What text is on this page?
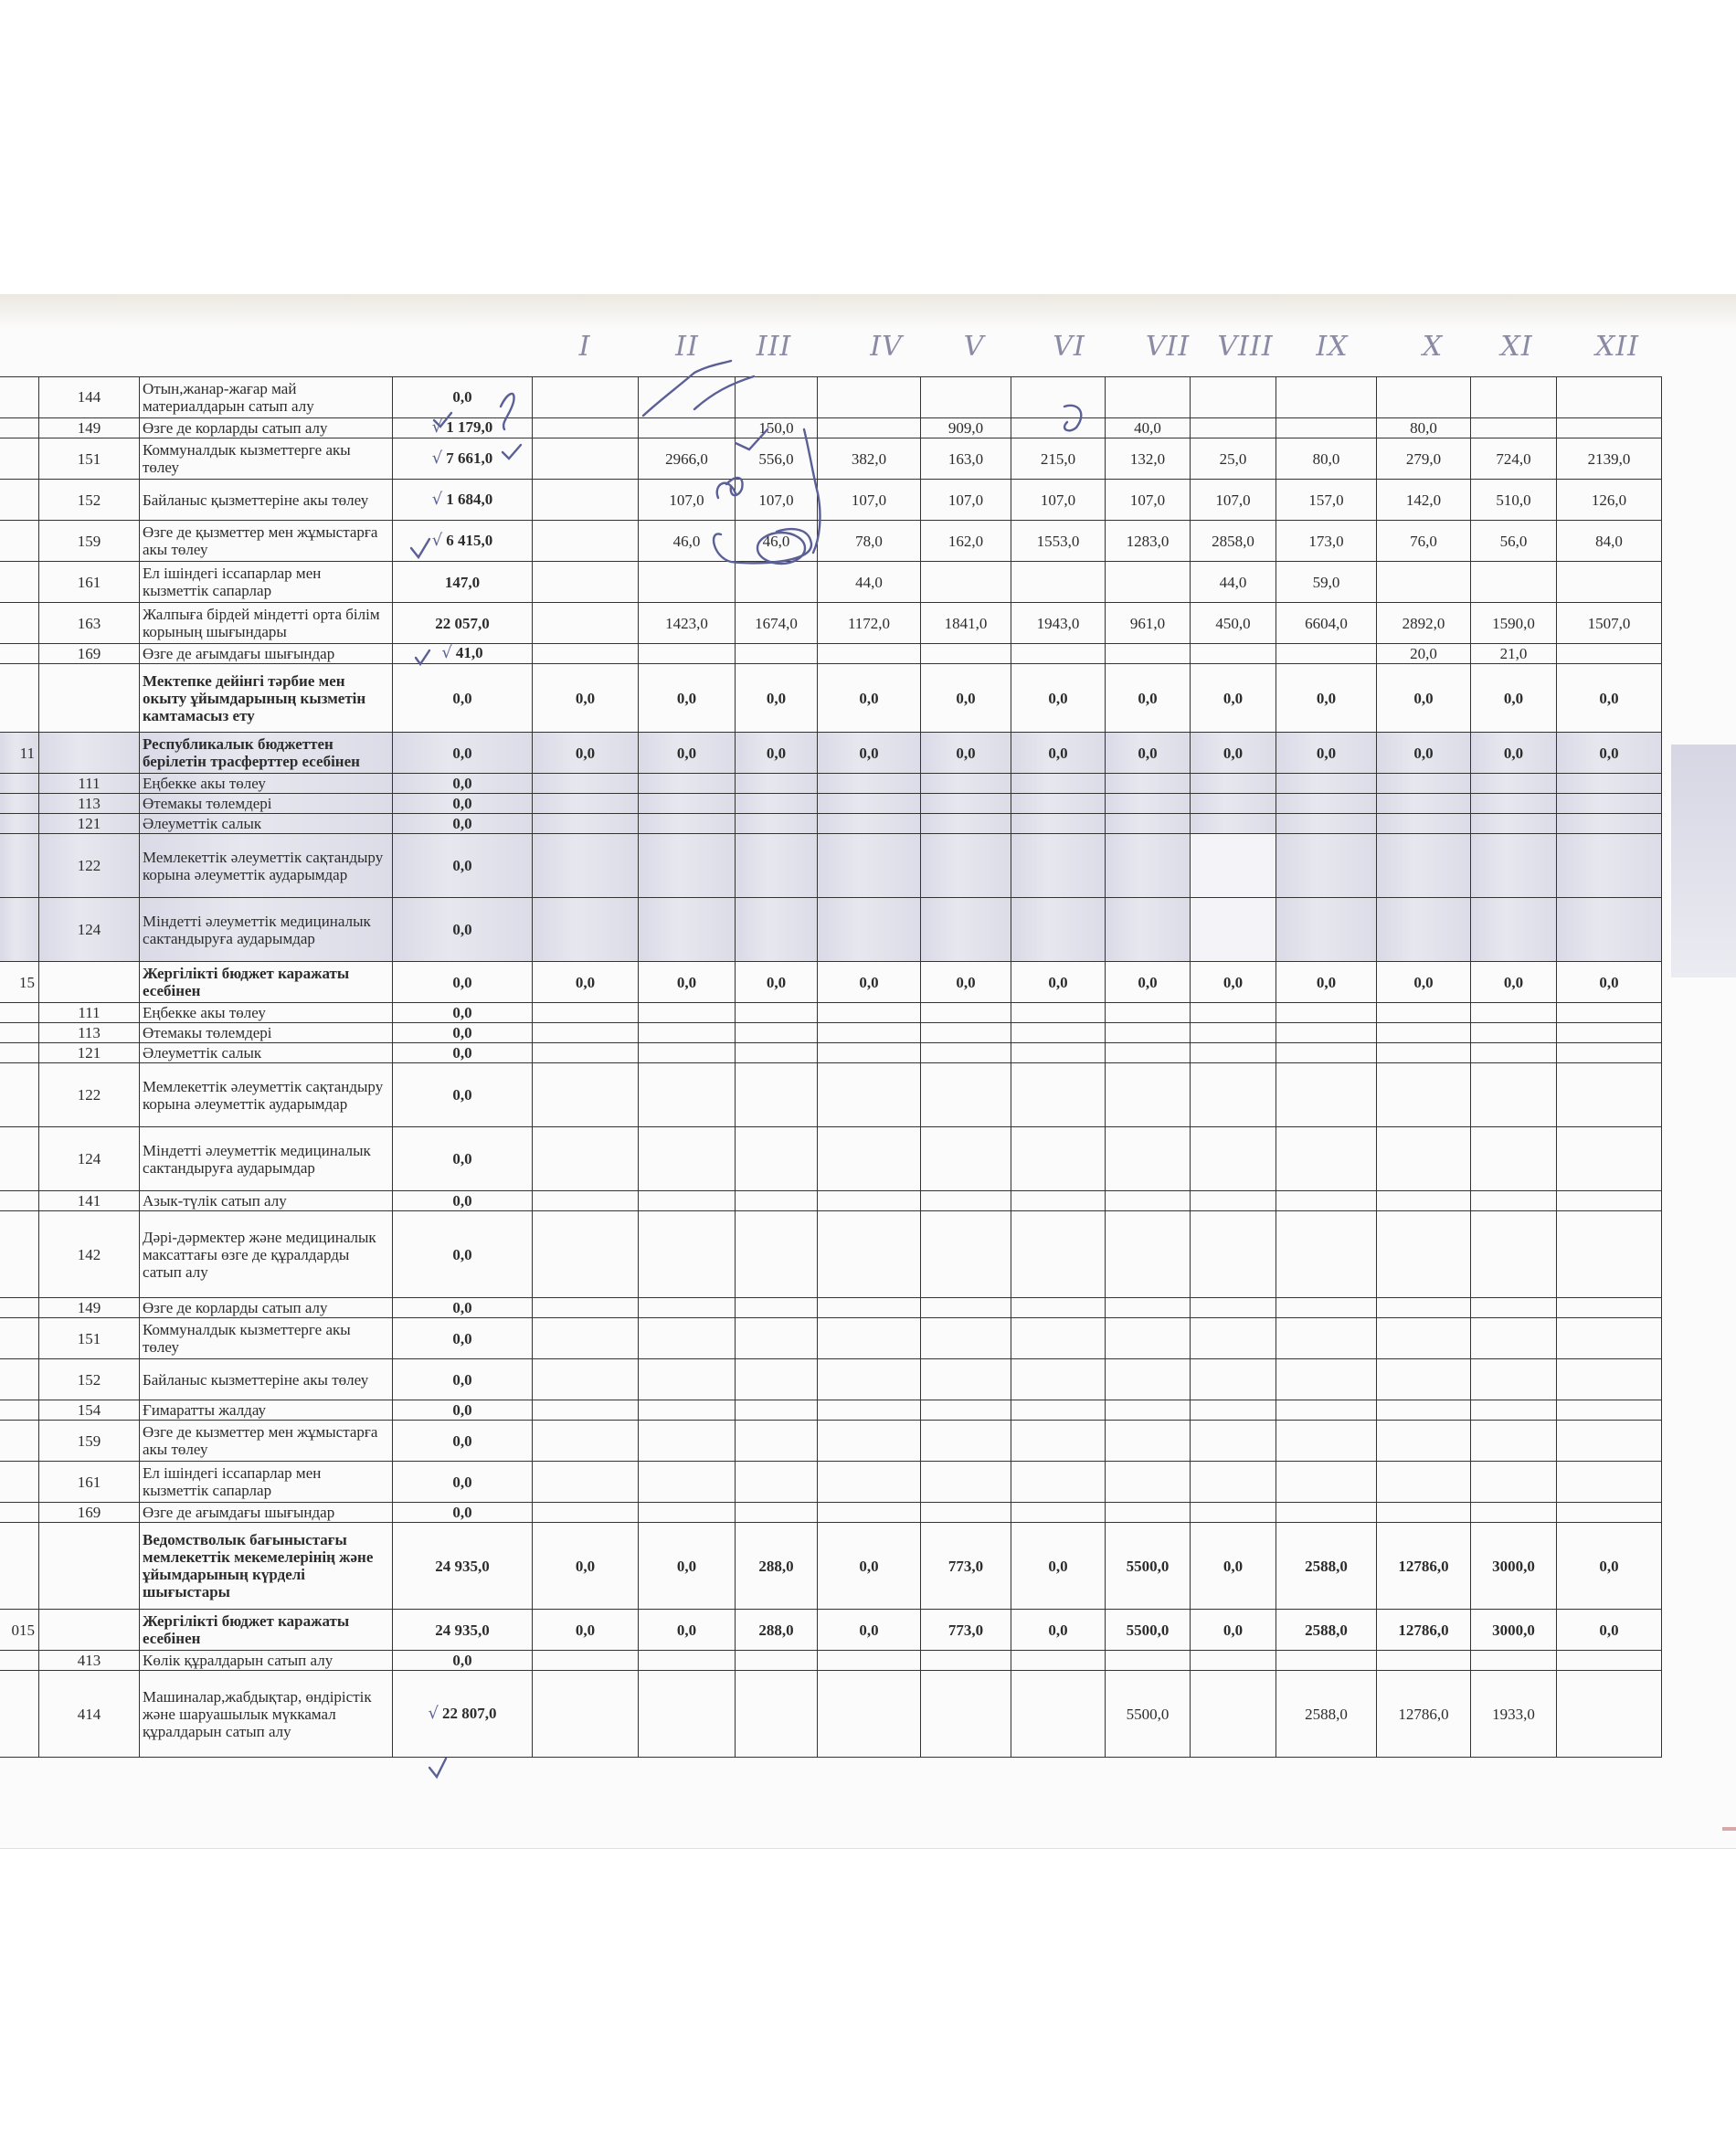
I	II III	IV V VI VII VIII IX	X XI XII
	144	Отын,жанар-жағар май материалдарын сатып алу	0,0												
	149	Өзге де корларды сатып алу	√ 1 179,0			150,0		909,0		40,0			80,0		
	151	Коммуналдык кызметтерге акы төлеу	√ 7 661,0		2966,0	556,0	382,0	163,0	215,0	132,0	25,0	80,0	279,0	724,0	2139,0
	152	Байланыс қызметтеріне акы төлеу	√ 1 684,0		107,0	107,0	107,0	107,0	107,0	107,0	107,0	157,0	142,0	510,0	126,0
	159	Өзге де қызметтер мен жұмыстарға акы төлеу	√ 6 415,0		46,0	46,0	78,0	162,0	1553,0	1283,0	2858,0	173,0	76,0	56,0	84,0
	161	Ел ішіндегі іссапарлар мен кызметтік сапарлар	147,0				44,0				44,0	59,0			
	163	Жалпыға бірдей міндетті орта білім корының шығындары	22 057,0		1423,0	1674,0	1172,0	1841,0	1943,0	961,0	450,0	6604,0	2892,0	1590,0	1507,0
	169	Өзге де ағымдағы шығындар	√ 41,0										20,0	21,0	
		Мектепке дейінгі тәрбие мен окыту ұйымдарының кызметін камтамасыз ету	0,0	0,0	0,0	0,0	0,0	0,0	0,0	0,0	0,0	0,0	0,0	0,0	0,0
11		Республикалык бюджеттен берілетін трасферттер есебінен	0,0	0,0	0,0	0,0	0,0	0,0	0,0	0,0	0,0	0,0	0,0	0,0	0,0
	111	Еңбекке акы төлеу	0,0												
	113	Өтемакы төлемдері	0,0												
	121	Әлеуметтік салык	0,0												
	122	Мемлекеттік әлеуметтік сақтандыру корына әлеуметтік аударымдар	0,0												
	124	Міндетті әлеуметтік медициналык сактандыруға аударымдар	0,0												
15		Жергілікті бюджет каражаты есебінен	0,0	0,0	0,0	0,0	0,0	0,0	0,0	0,0	0,0	0,0	0,0	0,0	0,0
	111	Еңбекке акы төлеу	0,0												
	113	Өтемакы төлемдері	0,0												
	121	Әлеуметтік салык	0,0												
	122	Мемлекеттік әлеуметтік сақтандыру корына әлеуметтік аударымдар	0,0												
	124	Міндетті әлеуметтік медициналык сактандыруға аударымдар	0,0												
	141	Азык-түлік сатып алу	0,0												
	142	Дәрі-дәрмектер және медициналык максаттағы өзге де құралдарды сатып алу	0,0												
	149	Өзге де корларды сатып алу	0,0												
	151	Коммуналдык кызметтерге акы төлеу	0,0												
	152	Байланыс кызметтеріне акы төлеу	0,0												
	154	Ғимаратты жалдау	0,0												
	159	Өзге де кызметтер мен жұмыстарға акы төлеу	0,0												
	161	Ел ішіндегі іссапарлар мен кызметтік сапарлар	0,0												
	169	Өзге де ағымдағы шығындар	0,0												
		Ведомстволык бағыныстағы мемлекеттік мекемелерінің және ұйымдарының күрделі шығыстары	24 935,0	0,0	0,0	288,0	0,0	773,0	0,0	5500,0	0,0	2588,0	12786,0	3000,0	0,0
015		Жергілікті бюджет каражаты есебінен	24 935,0	0,0	0,0	288,0	0,0	773,0	0,0	5500,0	0,0	2588,0	12786,0	3000,0	0,0
	413	Көлік құралдарын сатып алу	0,0												
	414	Машиналар,жабдықтар, өндірістік және шаруашылык мүккамал құралдарын сатып алу	√ 22 807,0							5500,0		2588,0	12786,0	1933,0	
